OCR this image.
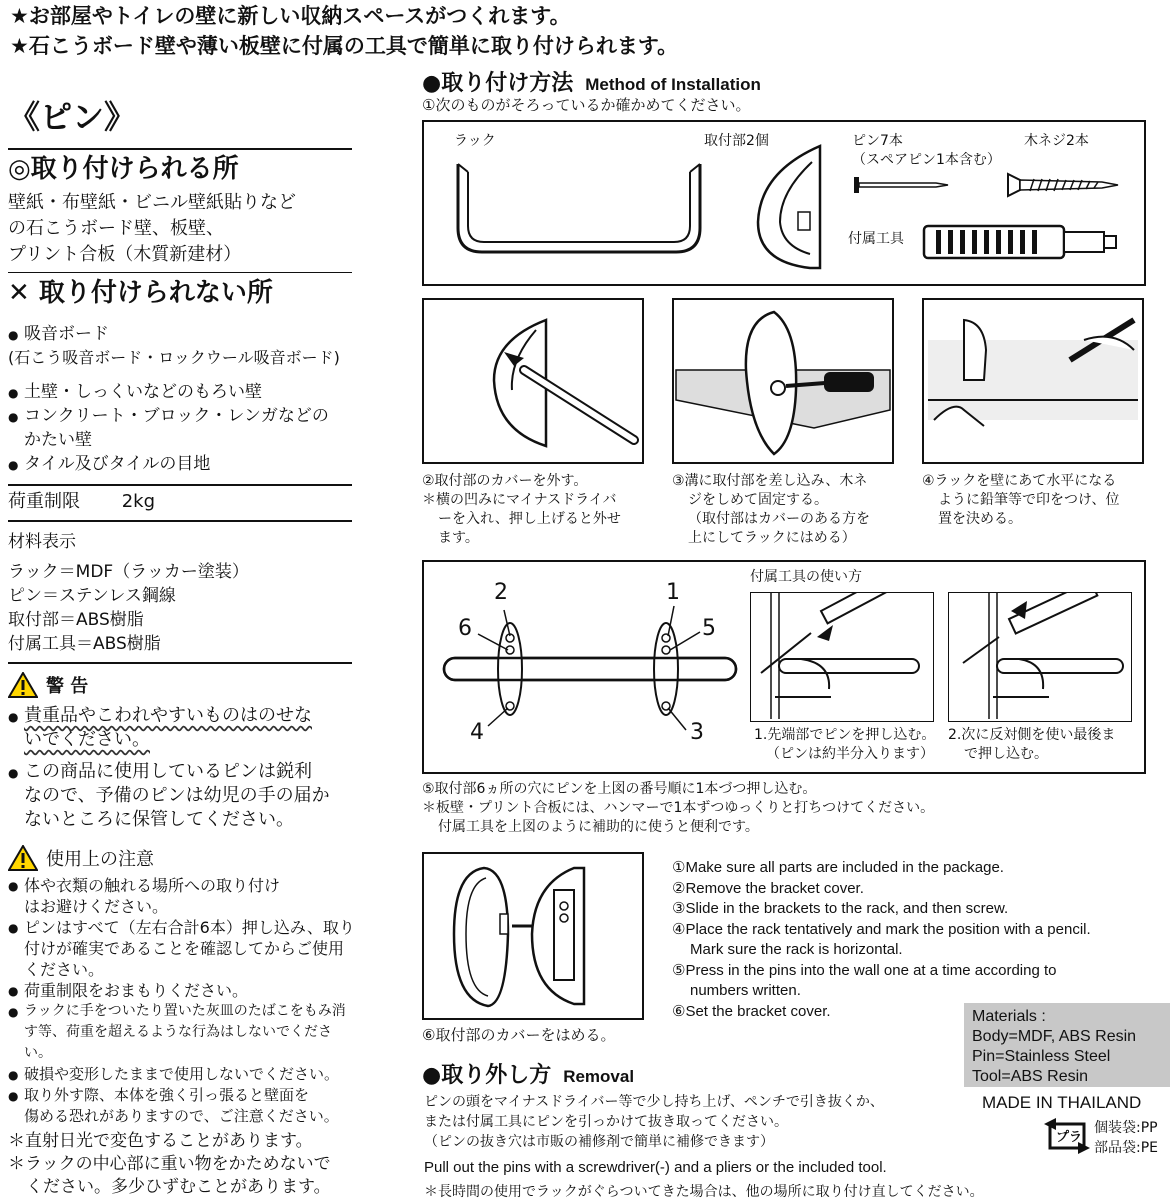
★お部屋やトイレの壁に新しい収納スペースがつくれます。
★石こうボード壁や薄い板壁に付属の工具で簡単に取り付けられます。
《ピン》
◎取り付けられる所
壁紙・布壁紙・ビニル壁紙貼りなど
の石こうボード壁、板壁、
プリント合板（木質新建材）
✕ 取り付けられない所
● 吸音ボード
(石こう吸音ボード・ロックウール吸音ボード)
● 土壁・しっくいなどのもろい壁
● コンクリート・ブロック・レンガなどの
かたい壁
● タイル及びタイルの目地
荷重制限 2kg
材料表示
ラック＝MDF（ラッカー塗装）
ピン＝ステンレス鋼線
取付部＝ABS樹脂
付属工具＝ABS樹脂
警 告
● 貴重品やこわれやすいものはのせな
いでください。
● この商品に使用しているピンは鋭利
なので、予備のピンは幼児の手の届か
ないところに保管してください。
使用上の注意
● 体や衣類の触れる場所への取り付け
はお避けください。
● ピンはすべて（左右合計6本）押し込み、取り
付けが確実であることを確認してからご使用
ください。
● 荷重制限をおまもりください。
● ラックに手をついたり置いた灰皿のたばこをもみ消
す等、荷重を超えるような行為はしないでください。
● 破損や変形したままで使用しないでください。
● 取り外す際、本体を強く引っ張ると壁面を
傷める恐れがありますので、ご注意ください。
＊直射日光で変色することがあります。
＊ラックの中心部に重い物をかためないで
ください。多少ひずむことがあります。
●取り付け方法 Method of Installation
①次のものがそろっているか確かめてください。
ラック	取付部2個	ピン7本
（スペアピン1本含む）
木ネジ2本
付属工具
②取付部のカバーを外す。
＊横の凹みにマイナスドライバ
ーを入れ、押し上げると外せ
ます。
③溝に取付部を差し込み、木ネ
ジをしめて固定する。
（取付部はカバーのある方を
上にしてラックにはめる）
④ラックを壁にあて水平になる
ように鉛筆等で印をつけ、位
置を決める。
2	1
6	5
4	3
付属工具の使い方
1.先端部でピンを押し込む。
（ピンは約半分入ります）
2.次に反対側を使い最後ま
で押し込む。
⑤取付部6ヵ所の穴にピンを上図の番号順に1本づつ押し込む。
＊板壁・プリント合板には、ハンマーで1本ずつゆっくりと打ちつけてください。
付属工具を上図のように補助的に使うと便利です。
⑥取付部のカバーをはめる。
①Make sure all parts are included in the package.
②Remove the bracket cover.
③Slide in the brackets to the rack, and then screw.
④Place the rack tentatively and mark the position with a pencil.
Mark sure the rack is horizontal.
⑤Press in the pins into the wall one at a time according to
numbers written.
⑥Set the bracket cover.	Materials :
Body=MDF, ABS Resin
Pin=Stainless Steel
Tool=ABS Resin
MADE IN THAILAND
プラ
個装袋:PP
部品袋:PE
●取り外し方 Removal
ピンの頭をマイナスドライバー等で少し持ち上げ、ペンチで引き抜くか、
または付属工具にピンを引っかけて抜き取ってください。
（ピンの抜き穴は市販の補修剤で簡単に補修できます）
Pull out the pins with a screwdriver(-) and a pliers or the included tool.
＊長時間の使用でラックがぐらついてきた場合は、他の場所に取り付け直してください。
